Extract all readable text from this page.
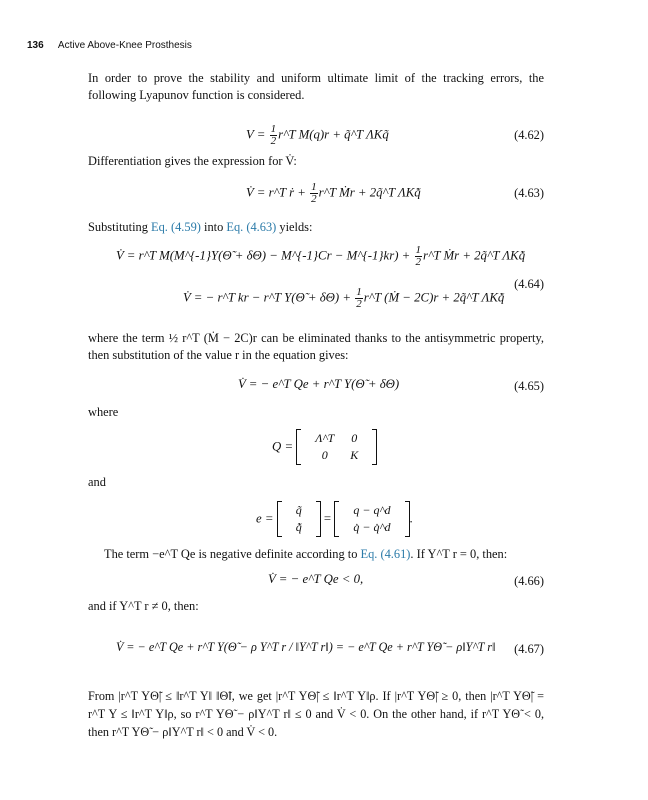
136 Active Above-Knee Prosthesis
In order to prove the stability and uniform ultimate limit of the tracking errors, the following Lyapunov function is considered.
$V = \frac{1}{2}$ r^T M(q)r + q̃^T ΛKq̃	(4.62)
Differentiation gives the expression for V̇:
V̇ = r^T ṙ + $\frac{1}{2}$ r^T Ṁr + 2q̃^T ΛKq̃̇	(4.63)
Substituting Eq. (4.59) into Eq. (4.63) yields:
V̇ = r^T M(M^{-1}Y(Θ̃ + δΘ) − M^{-1}Cr − M^{-1}kr) + $\frac{1}{2}$ r^T Ṁr + 2q̃^T ΛKq̃̇
V̇ = − r^T kr − r^T Y(Θ̃ + $\delta\Theta) + \frac{1}{2}$ r^T (Ṁ − 2C)r + 2q̃^T ΛKq̃̇
(4.64)
where the term ½ r^T (Ṁ − 2C)r can be eliminated thanks to the antisymmetric property, then substitution of the value r in the equation gives:
V̇ = − e^T Qe + r^T Y(Θ̃ + δΘ)	(4.65)
where
Q =
Λ^T	0
0	K
and
e =
q̃
q̃̇
=
q − q^d
q̇ − q̇^d
.
The term −e^T Qe is negative definite according to Eq. (4.61). If Y^T r = 0, then:
V̇ = − e^T Qe < 0,	(4.66)
and if Y^T r ≠ 0, then:
V̇ = − e^T Qe + r^T Y(Θ̃ − ρ Y^T r / ‖Y^T r‖) = − e^T Qe + r^T YΘ̃ − ρ‖Y^T r‖ (4.67)
From |r^T YΘ̃| ≤ ‖r^T Y‖ ‖Θ̃‖, we get |r^T YΘ̃| ≤ ‖r^T Y‖ρ. If |r^T YΘ̃| ≥ 0, then |r^T YΘ̃| = r^T Y ≤ ‖r^T Y‖ρ, so r^T YΘ̃ − ρ‖Y^T r‖ ≤ 0 and V̇ < 0. On the other hand, if r^T YΘ̃ < 0, then r^T YΘ̃ − ρ‖Y^T r‖ < 0 and V̇ < 0.
